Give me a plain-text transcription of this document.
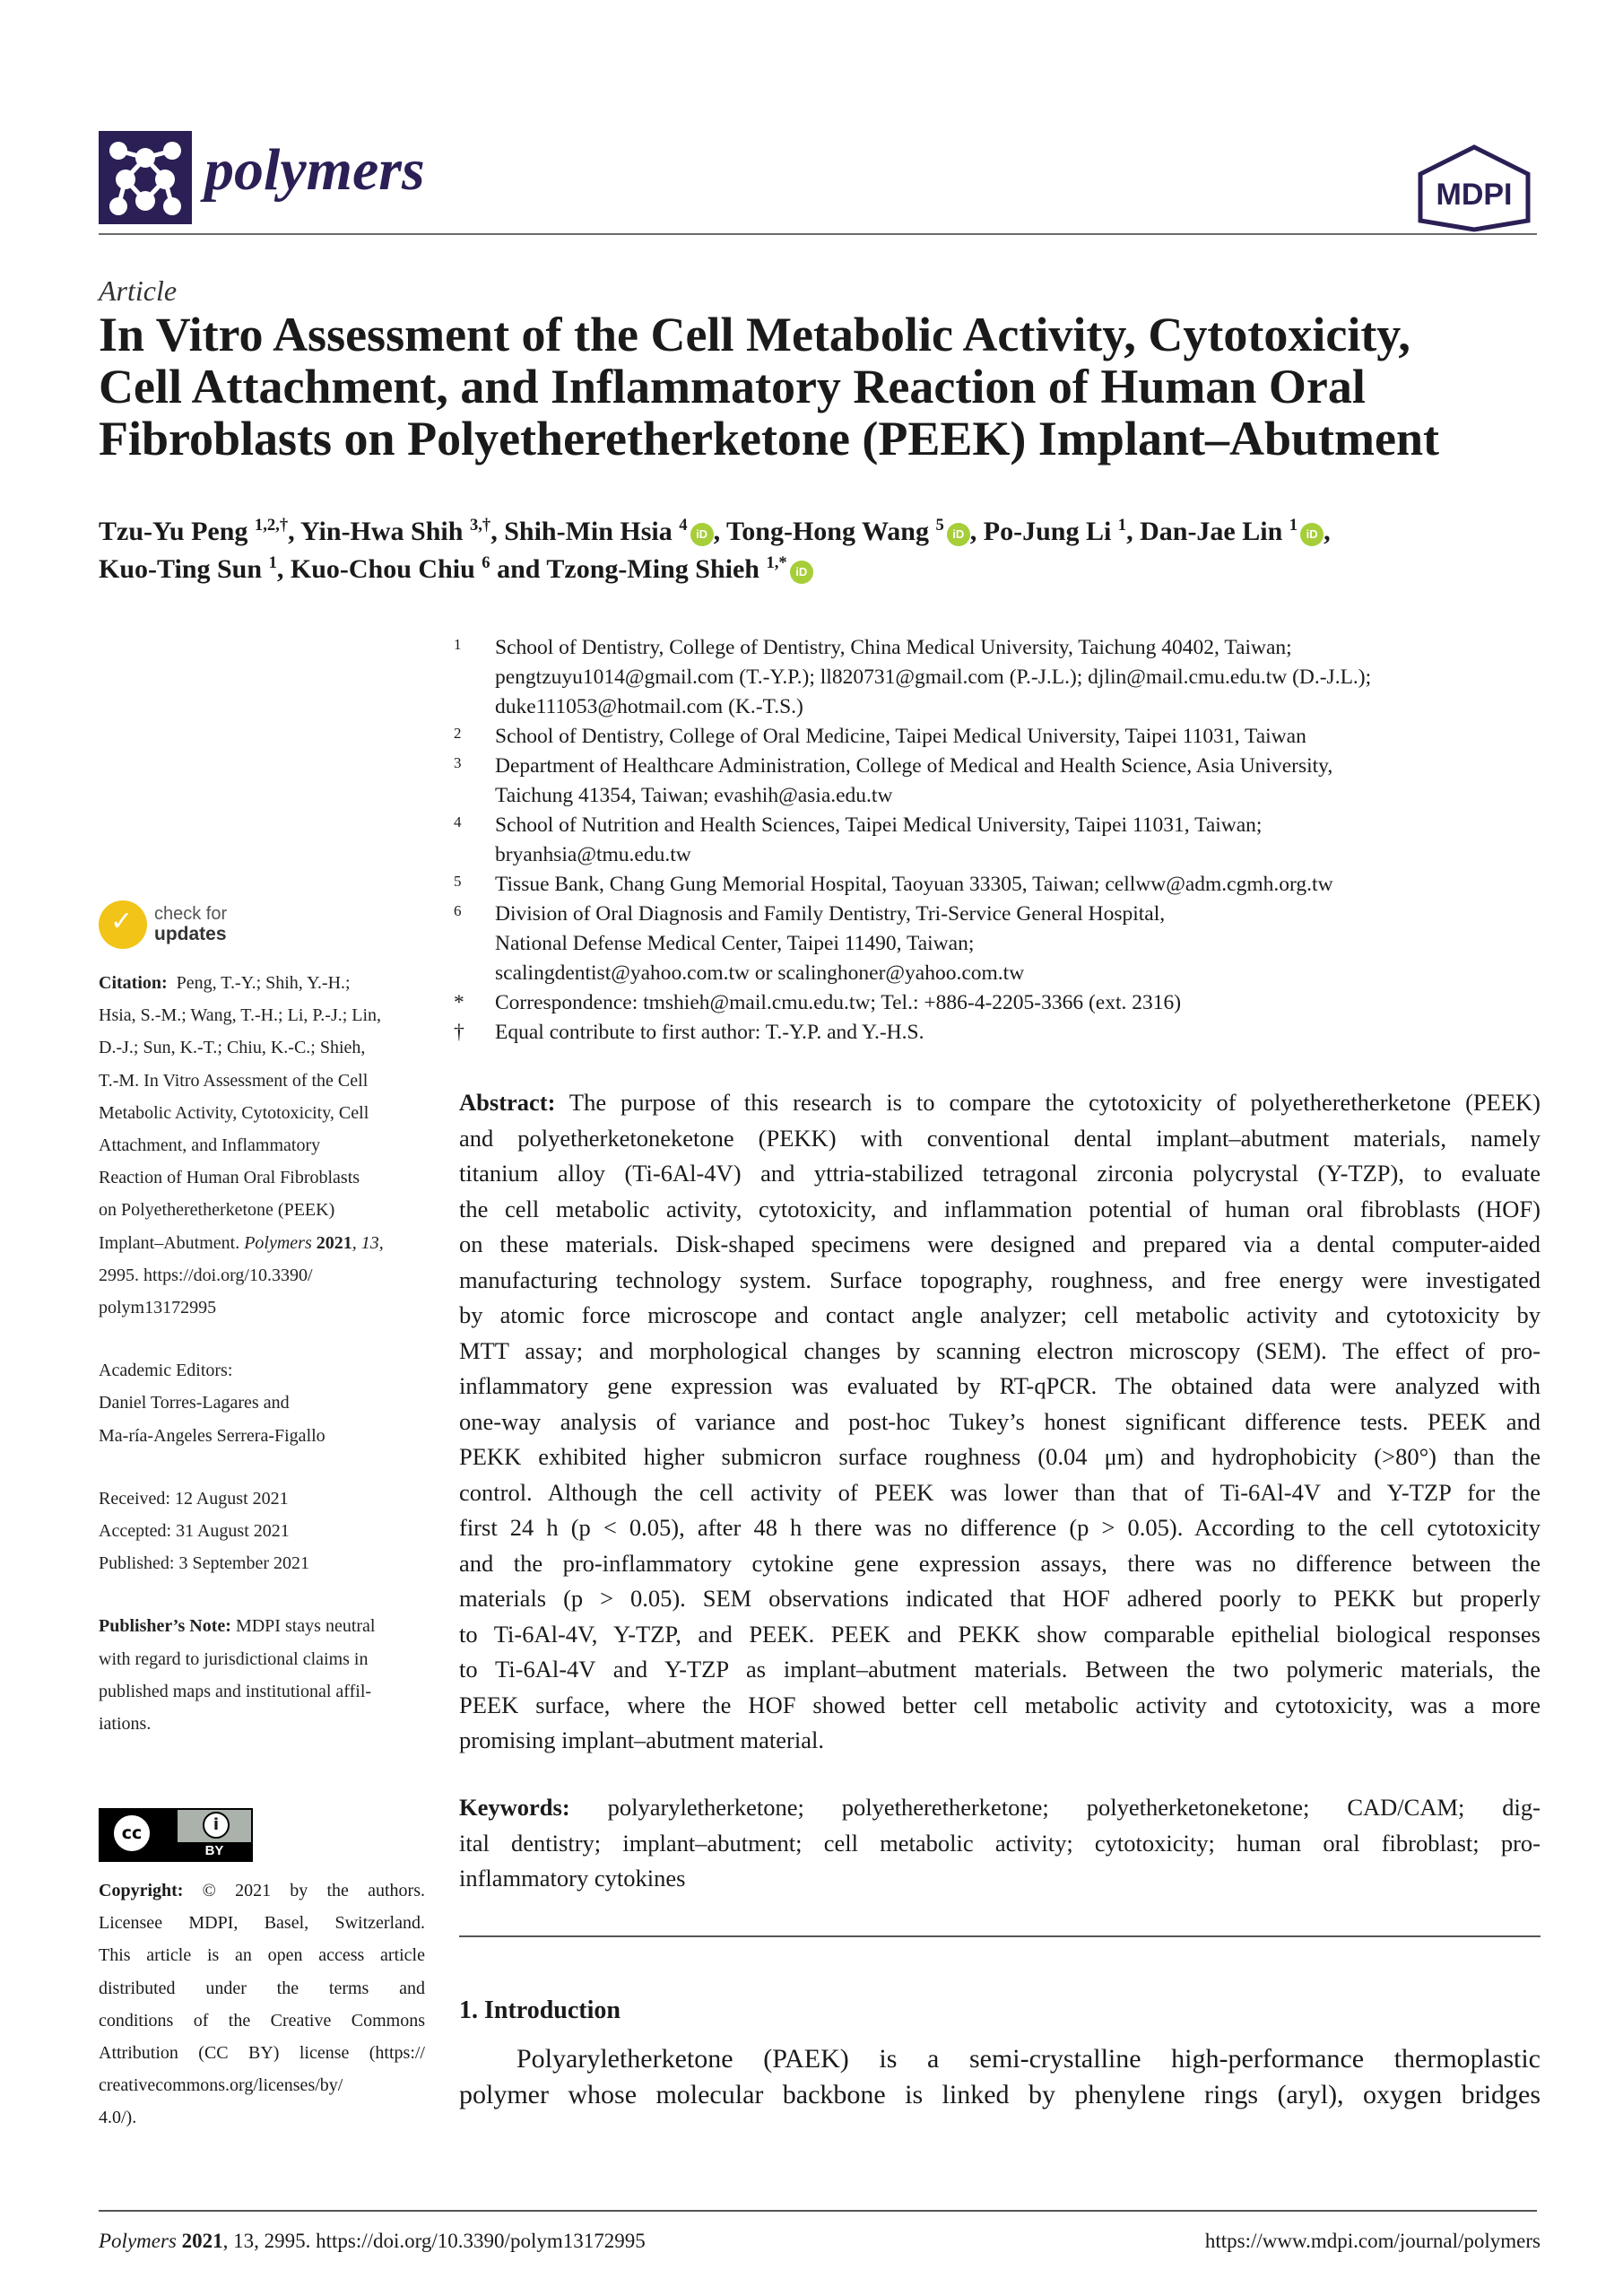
polymers	MDPI
Article
In Vitro Assessment of the Cell Metabolic Activity, Cytotoxicity,
Cell Attachment, and Inflammatory Reaction of Human Oral
Fibroblasts on Polyetheretherketone (PEEK) Implant–Abutment
Tzu-Yu Peng $^{1,2,\dagger}$, Yin-Hwa Shih $^{3,\dagger}$, Shih-Min Hsia $^4$ iD , Tong-Hong Wang $^5$ iD , Po-Jung Li $^1$, Dan-Jae Lin $^1$ iD ,
Kuo-Ting Sun $^1$, Kuo-Chou Chiu $^6$ and Tzong-Ming Shieh $^{1,*}$ iD
1 School of Dentistry, College of Dentistry, China Medical University, Taichung 40402, Taiwan;
pengtzuyu1014@gmail.com (T.-Y.P.); ll820731@gmail.com (P.-J.L.); djlin@mail.cmu.edu.tw (D.-J.L.);
duke111053@hotmail.com (K.-T.S.)
2 School of Dentistry, College of Oral Medicine, Taipei Medical University, Taipei 11031, Taiwan
3 Department of Healthcare Administration, College of Medical and Health Science, Asia University,
Taichung 41354, Taiwan; evashih@asia.edu.tw
4 School of Nutrition and Health Sciences, Taipei Medical University, Taipei 11031, Taiwan;
bryanhsia@tmu.edu.tw
5 Tissue Bank, Chang Gung Memorial Hospital, Taoyuan 33305, Taiwan; cellww@adm.cgmh.org.tw
6 Division of Oral Diagnosis and Family Dentistry, Tri-Service General Hospital,
National Defense Medical Center, Taipei 11490, Taiwan;
scalingdentist@yahoo.com.tw or scalinghoner@yahoo.com.tw
* Correspondence: tmshieh@mail.cmu.edu.tw; Tel.: +886-4-2205-3366 (ext. 2316)
† Equal contribute to first author: T.-Y.P. and Y.-H.S.
✓ check for
updates
Citation: Peng, T.-Y.; Shih, Y.-H.;
Hsia, S.-M.; Wang, T.-H.; Li, P.-J.; Lin,
D.-J.; Sun, K.-T.; Chiu, K.-C.; Shieh,
T.-M. In Vitro Assessment of the Cell
Metabolic Activity, Cytotoxicity, Cell
Attachment, and Inflammatory
Reaction of Human Oral Fibroblasts
on Polyetheretherketone (PEEK)
Implant–Abutment. Polymers 2021, 13,
2995. https://doi.org/10.3390/
polym13172995
Academic Editors:
Daniel Torres-Lagares and
Ma-ría-Angeles Serrera-Figallo
Received: 12 August 2021
Accepted: 31 August 2021
Published: 3 September 2021
Publisher’s Note: MDPI stays neutral
with regard to jurisdictional claims in
published maps and institutional affil-
iations.
cc	i
BY
Copyright: © 2021 by the authors.
Licensee MDPI, Basel, Switzerland.
This article is an open access article
distributed under the terms and
conditions of the Creative Commons
Attribution (CC BY) license (https://
creativecommons.org/licenses/by/
4.0/).
Abstract: The purpose of this research is to compare the cytotoxicity of polyetheretherketone (PEEK)
and polyetherketoneketone (PEKK) with conventional dental implant–abutment materials, namely
titanium alloy (Ti-6Al-4V) and yttria-stabilized tetragonal zirconia polycrystal (Y-TZP), to evaluate
the cell metabolic activity, cytotoxicity, and inflammation potential of human oral fibroblasts (HOF)
on these materials. Disk-shaped specimens were designed and prepared via a dental computer-aided
manufacturing technology system. Surface topography, roughness, and free energy were investigated
by atomic force microscope and contact angle analyzer; cell metabolic activity and cytotoxicity by
MTT assay; and morphological changes by scanning electron microscopy (SEM). The effect of pro-
inflammatory gene expression was evaluated by RT-qPCR. The obtained data were analyzed with
one-way analysis of variance and post-hoc Tukey’s honest significant difference tests. PEEK and
PEKK exhibited higher submicron surface roughness (0.04 μm) and hydrophobicity (>80°) than the
control. Although the cell activity of PEEK was lower than that of Ti-6Al-4V and Y-TZP for the
first 24 h (p < 0.05), after 48 h there was no difference (p > 0.05). According to the cell cytotoxicity
and the pro-inflammatory cytokine gene expression assays, there was no difference between the
materials (p > 0.05). SEM observations indicated that HOF adhered poorly to PEKK but properly
to Ti-6Al-4V, Y-TZP, and PEEK. PEEK and PEKK show comparable epithelial biological responses
to Ti-6Al-4V and Y-TZP as implant–abutment materials. Between the two polymeric materials, the
PEEK surface, where the HOF showed better cell metabolic activity and cytotoxicity, was a more
promising implant–abutment material.
Keywords: polyaryletherketone; polyetheretherketone; polyetherketoneketone; CAD/CAM; dig-
ital dentistry; implant–abutment; cell metabolic activity; cytotoxicity; human oral fibroblast; pro-
inflammatory cytokines
1. Introduction
Polyaryletherketone (PAEK) is a semi-crystalline high-performance thermoplastic
polymer whose molecular backbone is linked by phenylene rings (aryl), oxygen bridges
Polymers 2021, 13, 2995. https://doi.org/10.3390/polym13172995	https://www.mdpi.com/journal/polymers
